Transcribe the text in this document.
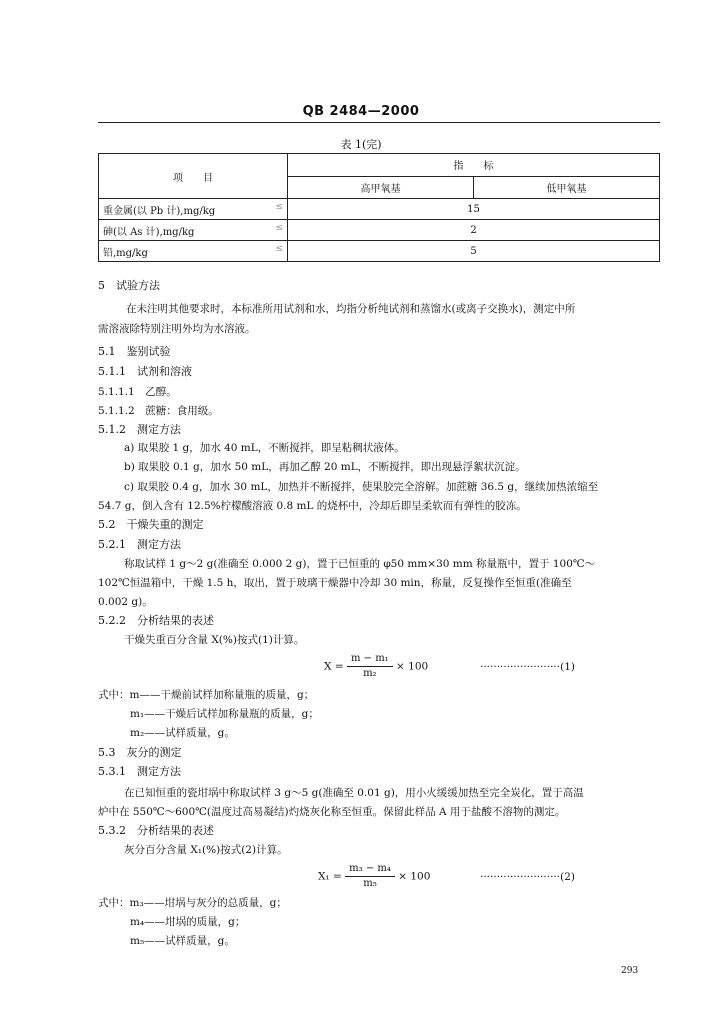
QB 2484—2000
表 1(完)
项　　目	指　　标	
	高甲氧基	低甲氧基
重金属(以 Pb 计),mg/kg ≤	15	
砷(以 As 计),mg/kg ≤	2	
铅,mg/kg ≤	5	
5　试验方法
在未注明其他要求时，本标准所用试剂和水，均指分析纯试剂和蒸馏水(或离子交换水)，测定中所
需溶液除特别注明外均为水溶液。
5.1　鉴别试验
5.1.1　试剂和溶液
5.1.1.1　乙醇。
5.1.1.2　蔗糖：食用级。
5.1.2　测定方法
a) 取果胶 1 g，加水 40 mL，不断搅拌，即呈粘稠状液体。
b) 取果胶 0.1 g，加水 50 mL，再加乙醇 20 mL，不断搅拌，即出现悬浮絮状沉淀。
c) 取果胶 0.4 g，加水 30 mL，加热并不断搅拌，使果胶完全溶解。加蔗糖 36.5 g，继续加热浓缩至
54.7 g，倒入含有 12.5%柠檬酸溶液 0.8 mL 的烧杯中，冷却后即呈柔软而有弹性的胶冻。
5.2　干燥失重的测定
5.2.1　测定方法
称取试样 1 g～2 g(准确至 0.000 2 g)，置于已恒重的 φ50 mm×30 mm 称量瓶中，置于 100℃～
102℃恒温箱中，干燥 1.5 h，取出，置于玻璃干燥器中冷却 30 min，称量，反复操作至恒重(准确至
0.002 g)。
5.2.2　分析结果的表述
干燥失重百分含量 X(%)按式(1)计算。
$X = \frac{\text{m − m₁}}{\text{m₂}} \times 100$	························(1)
式中：m——干燥前试样加称量瓶的质量，g；
m₁——干燥后试样加称量瓶的质量，g；
m₂——试样质量，g。
5.3　灰分的测定
5.3.1　测定方法
在已知恒重的瓷坩埚中称取试样 3 g～5 g(准确至 0.01 g)，用小火缓缓加热至完全炭化，置于高温
炉中在 550℃～600℃(温度过高易凝结)灼烧灰化称至恒重。保留此样品 A 用于盐酸不溶物的测定。
5.3.2　分析结果的表述
灰分百分含量 X₁(%)按式(2)计算。
$X_1 = \frac{\text{m₃ − m₄}}{\text{m₅}} \times 100$	························(2)
式中：m₃——坩埚与灰分的总质量，g；
m₄——坩埚的质量，g；
m₅——试样质量，g。
293
